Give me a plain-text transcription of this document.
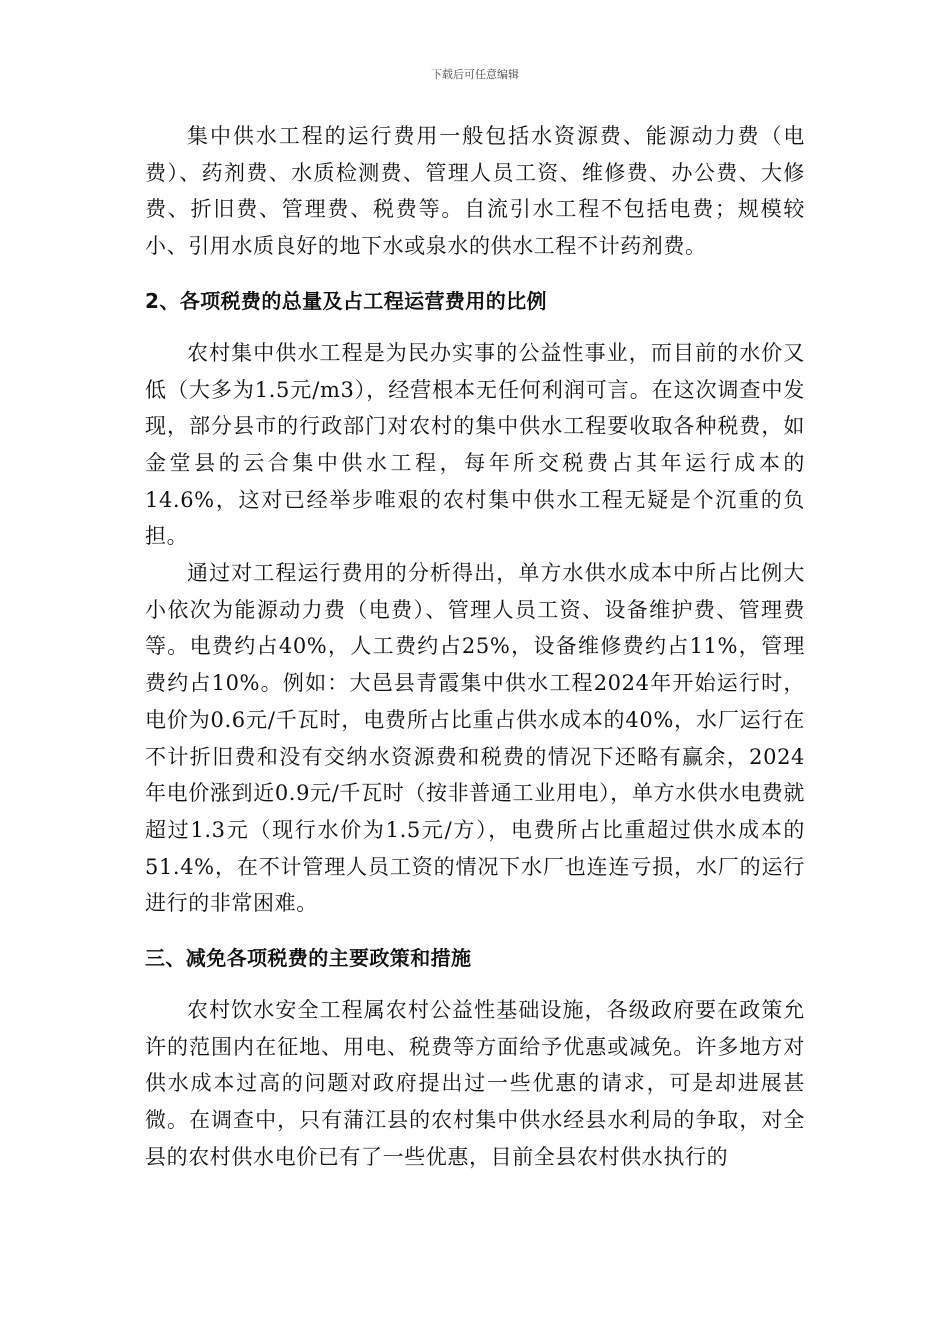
下载后可任意编辑

集中供水工程的运行费用一般包括水资源费、能源动力费（电费）、药剂费、水质检测费、管理人员工资、维修费、办公费、大修费、折旧费、管理费、税费等。自流引水工程不包括电费；规模较小、引用水质良好的地下水或泉水的供水工程不计药剂费。

2、各项税费的总量及占工程运营费用的比例

农村集中供水工程是为民办实事的公益性事业，而目前的水价又低（大多为1.5元/m3），经营根本无任何利润可言。在这次调查中发现，部分县市的行政部门对农村的集中供水工程要收取各种税费，如金堂县的云合集中供水工程，每年所交税费占其年运行成本的14.6%，这对已经举步唯艰的农村集中供水工程无疑是个沉重的负担。

通过对工程运行费用的分析得出，单方水供水成本中所占比例大小依次为能源动力费（电费）、管理人员工资、设备维护费、管理费等。电费约占40%，人工费约占25%，设备维修费约占11%，管理费约占10%。例如：大邑县青霞集中供水工程2024年开始运行时，电价为0.6元/千瓦时，电费所占比重占供水成本的40%，水厂运行在不计折旧费和没有交纳水资源费和税费的情况下还略有赢余，2024年电价涨到近0.9元/千瓦时（按非普通工业用电），单方水供水电费就超过1.3元（现行水价为1.5元/方），电费所占比重超过供水成本的51.4%，在不计管理人员工资的情况下水厂也连连亏损，水厂的运行进行的非常困难。

三、减免各项税费的主要政策和措施

农村饮水安全工程属农村公益性基础设施，各级政府要在政策允许的范围内在征地、用电、税费等方面给予优惠或减免。许多地方对供水成本过高的问题对政府提出过一些优惠的请求，可是却进展甚微。在调查中，只有蒲江县的农村集中供水经县水利局的争取，对全县的农村供水电价已有了一些优惠，目前全县农村供水执行的
